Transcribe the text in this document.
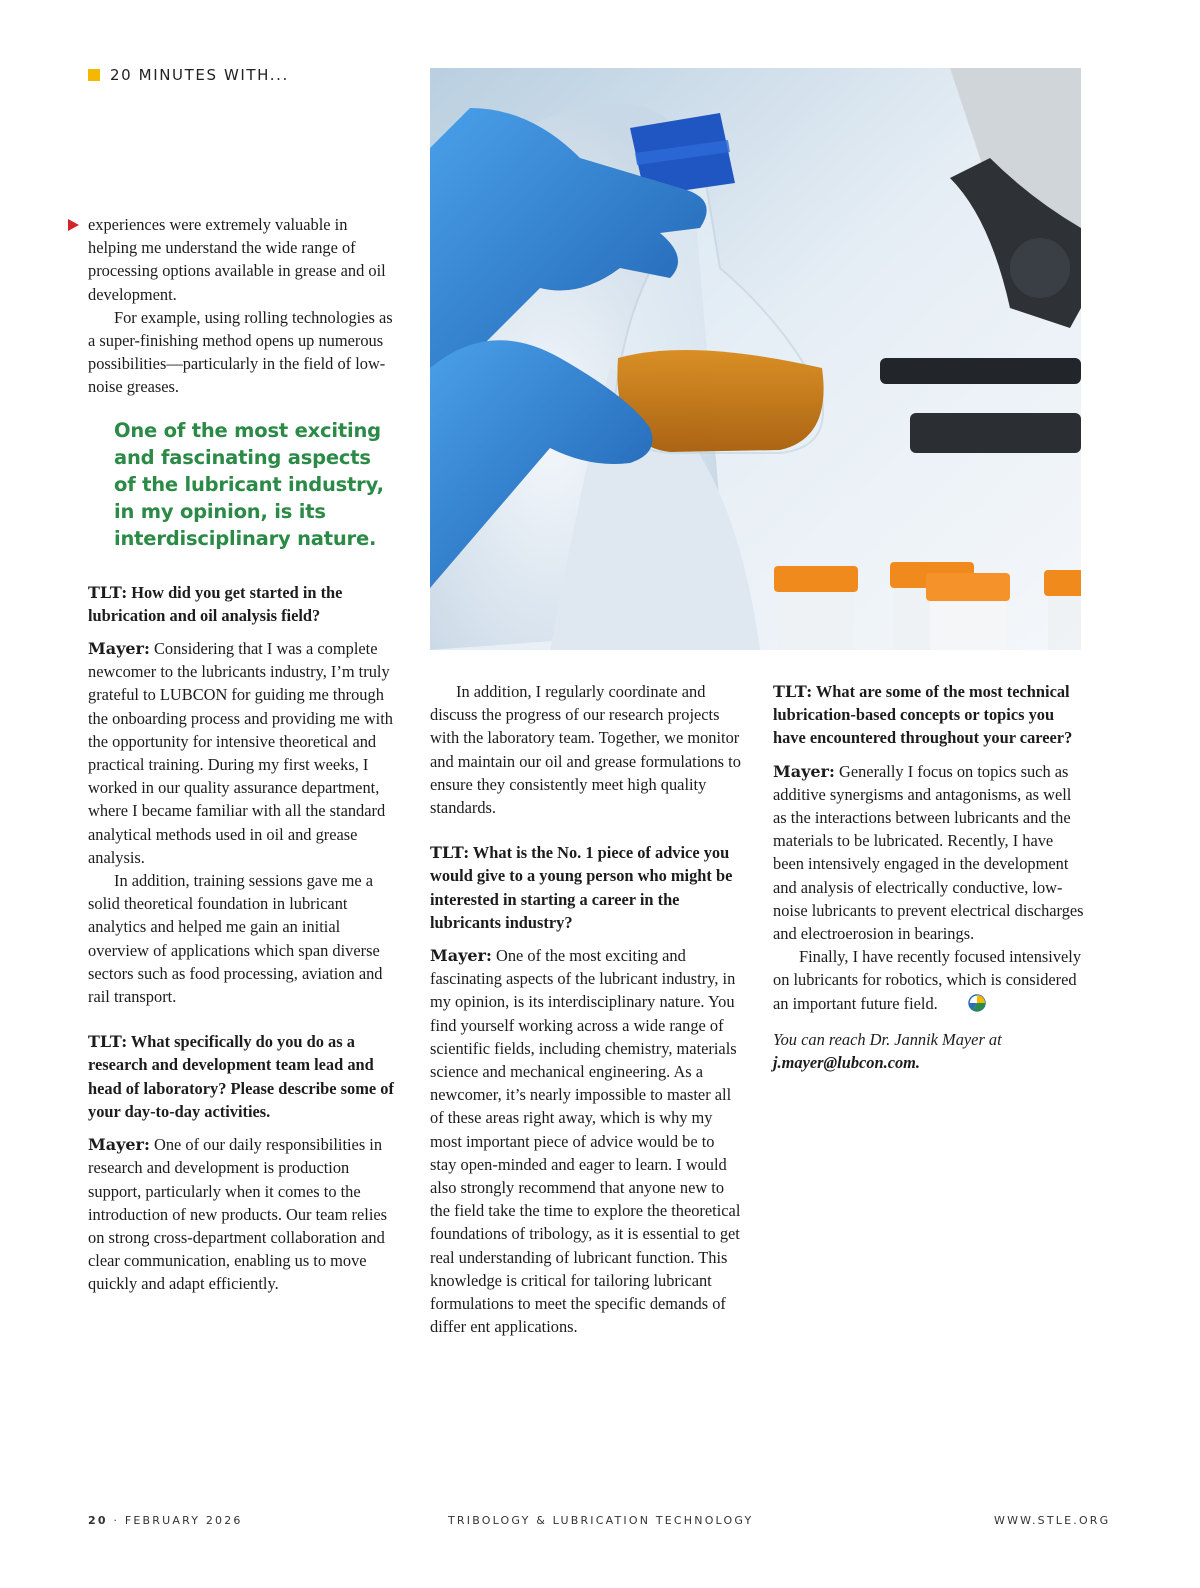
20 MINUTES WITH...
One of the most exciting and fascinating aspects of the lubricant industry, in my opinion, is its interdisciplinary nature.

experiences were extremely valuable in helping me understand the wide range of processing options available in grease and oil development.

For example, using rolling technologies as a super-finishing method opens up numerous possibilities—particularly in the field of low-noise greases.

TLT: How did you get started in the lubrication and oil analysis field?

Mayer: Considering that I was a complete newcomer to the lubricants industry, I’m truly grateful to LUBCON for guiding me through the onboarding process and providing me with the opportunity for intensive theoretical and practical training. During my first weeks, I worked in our quality assurance department, where I became familiar with all the standard analytical methods used in oil and grease analysis.

In addition, training sessions gave me a solid theoretical foundation in lubricant analytics and helped me gain an initial overview of applications which span diverse sectors such as food processing, aviation and rail transport.

TLT: What specifically do you do as a research and development team lead and head of laboratory? Please describe some of your day-to-day activities.

Mayer: One of our daily responsibilities in research and development is production support, particularly when it comes to the introduction of new products. Our team relies on strong cross-department collaboration and clear communication, enabling us to move quickly and adapt efficiently.

In addition, I regularly coordinate and discuss the progress of our research projects with the laboratory team. Together, we monitor and maintain our oil and grease formulations to ensure they consistently meet high quality standards.

TLT: What is the No. 1 piece of advice you would give to a young person who might be interested in starting a career in the lubricants industry?

Mayer: One of the most exciting and fascinating aspects of the lubricant industry, in my opinion, is its interdisciplinary nature. You find yourself working across a wide range of scientific fields, including chemistry, materials science and mechanical engineering. As a newcomer, it’s nearly impossible to master all of these areas right away, which is why my most important piece of advice would be to stay open-minded and eager to learn. I would also strongly recommend that anyone new to the field take the time to explore the theoretical foundations of tribology, as it is essential to get real understanding of lubricant function. This knowledge is critical for tailoring lubricant formulations to meet the specific demands of differ ent applications.

TLT: What are some of the most technical lubrication-based concepts or topics you have encountered throughout your career?

Mayer: Generally I focus on topics such as additive synergisms and antagonisms, as well as the interactions between lubricants and the materials to be lubricated. Recently, I have been intensively engaged in the development and analysis of electrically conductive, low-noise lubricants to prevent electrical discharges and electroerosion in bearings.

Finally, I have recently focused intensively on lubricants for robotics, which is considered an important future field.

You can reach Dr. Jannik Mayer at

j.mayer@lubcon.com.

20 · FEBRUARY 2026	TRIBOLOGY & LUBRICATION TECHNOLOGY	WWW.STLE.ORG
